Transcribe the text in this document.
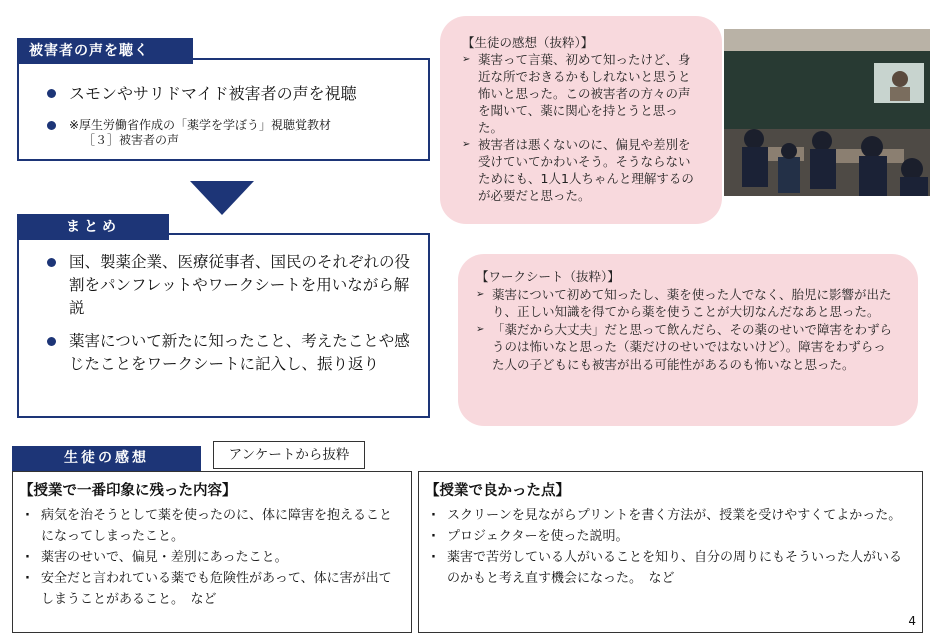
スモンやサリドマイド被害者の声を視聴
※厚生労働省作成の「薬学を学ぼう」視聴覚教材
［３］被害者の声
被害者の声を聴く
国、製薬企業、医療従事者、国民のそれぞれの役割をパンフレットやワークシートを用いながら解説
薬害について新たに知ったこと、考えたことや感じたことをワークシートに記入し、振り返り
まとめ
【生徒の感想（抜粋）】
➢ 薬害って言葉、初めて知ったけど、身近な所でおきるかもしれないと思うと怖いと思った。この被害者の方々の声を聞いて、薬に関心を持とうと思った。
➢ 被害者は悪くないのに、偏見や差別を受けていてかわいそう。そうならないためにも、1人1人ちゃんと理解するのが必要だと思った。
【ワークシート（抜粋）】
➢ 薬害について初めて知ったし、薬を使った人でなく、胎児に影響が出たり、正しい知識を得てから薬を使うことが大切なんだなあと思った。
➢ 「薬だから大丈夫」だと思って飲んだら、その薬のせいで障害をわずらうのは怖いなと思った（薬だけのせいではないけど）。障害をわずらった人の子どもにも被害が出る可能性があるのも怖いなと思った。
生徒の感想	アンケートから抜粋
【授業で一番印象に残った内容】
· 病気を治そうとして薬を使ったのに、体に障害を抱えることになってしまったこと。
· 薬害のせいで、偏見・差別にあったこと。
· 安全だと言われている薬でも危険性があって、体に害が出てしまうことがあること。　など
【授業で良かった点】
· スクリーンを見ながらプリントを書く方法が、授業を受けやすくてよかった。
· プロジェクターを使った説明。
· 薬害で苦労している人がいることを知り、自分の周りにもそういった人がいるのかもと考え直す機会になった。　など
4
